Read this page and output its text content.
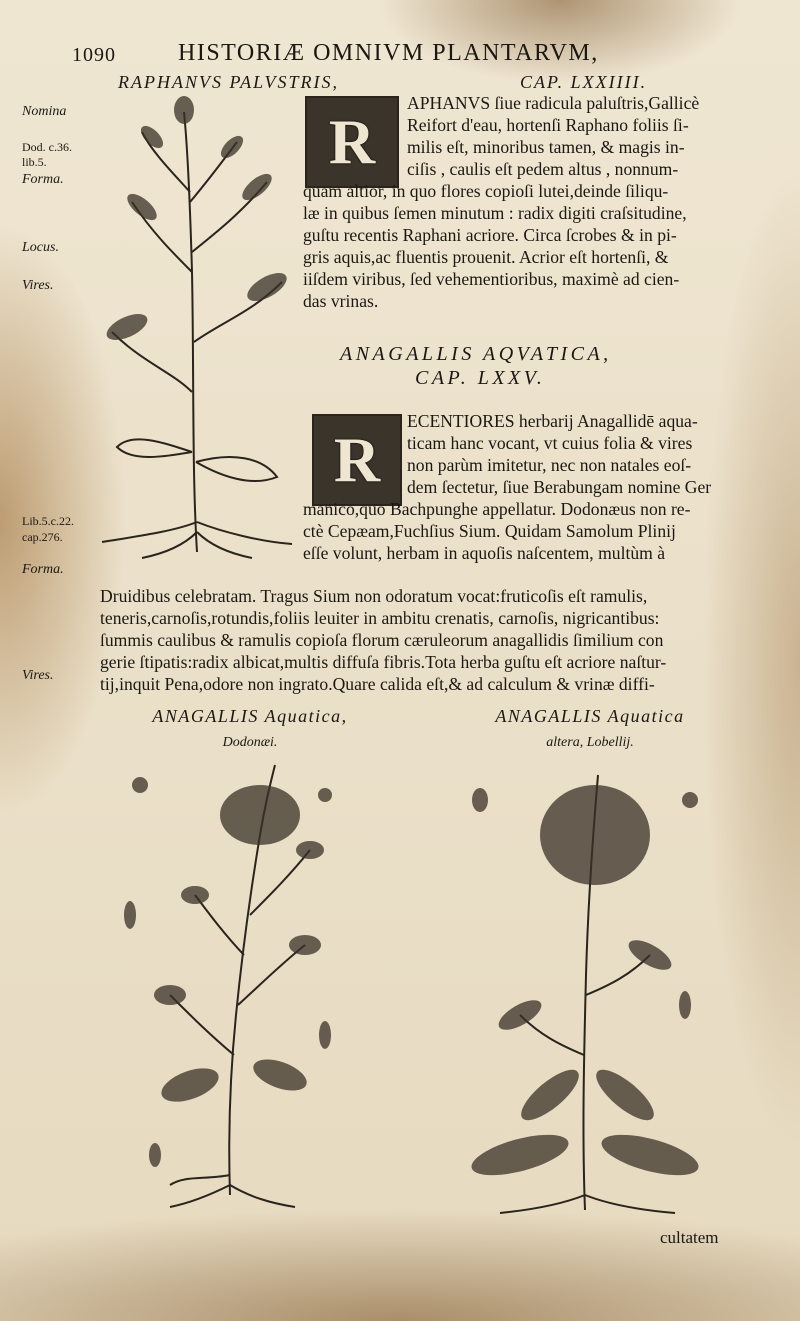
1090	HISTORIÆ OMNIVM PLANTARVM,
RAPHANVS PALVSTRIS,	CAP. LXXIIII.
Nomina
Dod. c.36.
lib.5.
Forma.
Locus.
Vires.
Lib.5.c.22.
cap.276.
Forma.
Vires.
R
APHANVS ſiue radicula paluſtris,Gallicè
Reifort d'eau, hortenſi Raphano foliis ſi-
milis eſt, minoribus tamen, & magis in-
ciſis , caulis eſt pedem altus , nonnum-
quam altior, in quo flores copioſi lutei,deinde ſiliqu-
læ in quibus ſemen minutum : radix digiti craſsitudine,
guſtu recentis Raphani acriore. Circa ſcrobes & in pi-
gris aquis,ac fluentis prouenit. Acrior eſt hortenſi, &
iiſdem viribus, ſed vehementioribus, maximè ad cien-
das vrinas.
ANAGALLIS AQVATICA,
CAP. LXXV.
R
ECENTIORES herbarij Anagallidē aqua-
ticam hanc vocant, vt cuius folia & vires
non parùm imitetur, nec non natales eoſ-
dem ſectetur, ſiue Berabungam nomine Ger
manico,quo Bachpunghe appellatur. Dodonæus non re-
ctè Cepæam,Fuchſius Sium. Quidam Samolum Plinij
eſſe volunt, herbam in aquoſis naſcentem, multùm à
Druidibus celebratam. Tragus Sium non odoratum vocat:fruticoſis eſt ramulis,
teneris,carnoſis,rotundis,foliis leuiter in ambitu crenatis, carnoſis, nigricantibus:
ſummis caulibus & ramulis copioſa florum cæruleorum anagallidis ſimilium con
gerie ſtipatis:radix albicat,multis diffuſa fibris.Tota herba guſtu eſt acriore naſtur-
tij,inquit Pena,odore non ingrato.Quare calida eſt,& ad calculum & vrinæ diffi-
ANAGALLIS Aquatica,
Dodonæi.
ANAGALLIS Aquatica
altera, Lobellij.
cultatem
